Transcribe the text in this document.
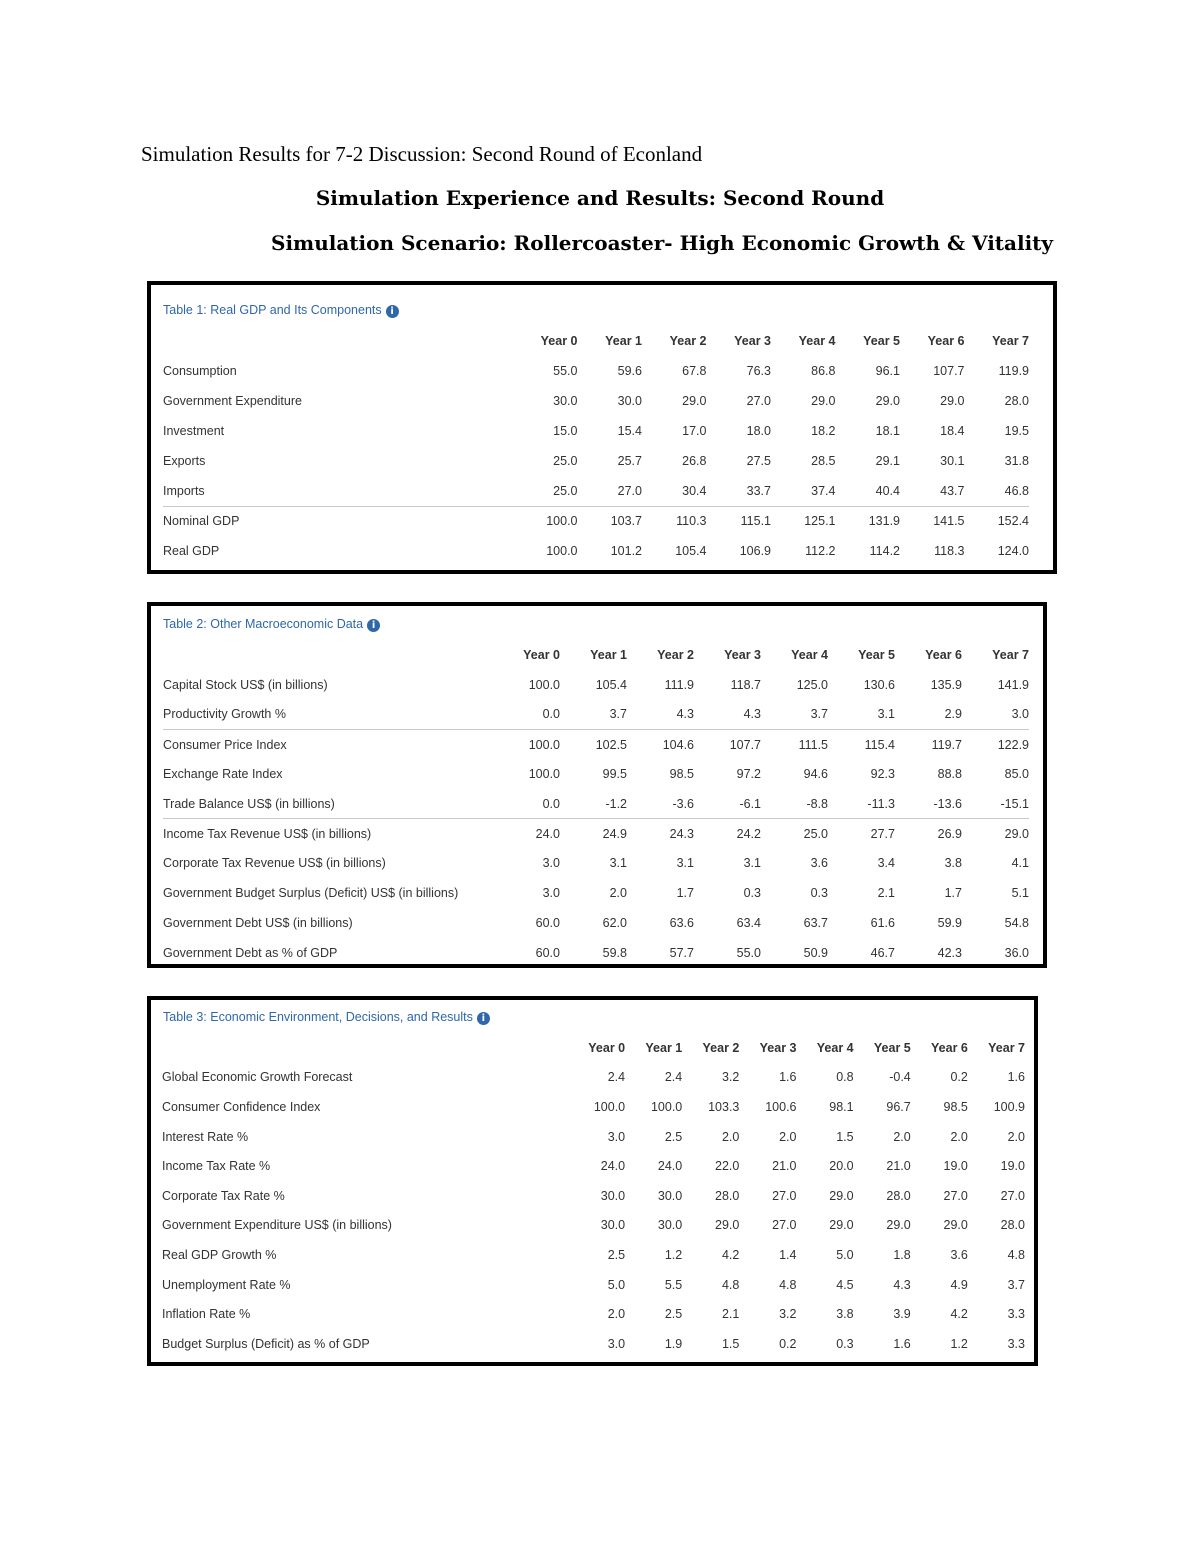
Simulation Results for 7-2 Discussion: Second Round of Econland
Simulation Experience and Results: Second Round
Simulation Scenario: Rollercoaster- High Economic Growth & Vitality
Table 1: Real GDP and Its Components i
	Year 0	Year 1	Year 2	Year 3	Year 4	Year 5	Year 6	Year 7
Consumption	55.0	59.6	67.8	76.3	86.8	96.1	107.7	119.9
Government Expenditure	30.0	30.0	29.0	27.0	29.0	29.0	29.0	28.0
Investment	15.0	15.4	17.0	18.0	18.2	18.1	18.4	19.5
Exports	25.0	25.7	26.8	27.5	28.5	29.1	30.1	31.8
Imports	25.0	27.0	30.4	33.7	37.4	40.4	43.7	46.8
Nominal GDP	100.0	103.7	110.3	115.1	125.1	131.9	141.5	152.4
Real GDP	100.0	101.2	105.4	106.9	112.2	114.2	118.3	124.0
Table 2: Other Macroeconomic Data i
	Year 0	Year 1	Year 2	Year 3	Year 4	Year 5	Year 6	Year 7
Capital Stock US$ (in billions)	100.0	105.4	111.9	118.7	125.0	130.6	135.9	141.9
Productivity Growth %	0.0	3.7	4.3	4.3	3.7	3.1	2.9	3.0
Consumer Price Index	100.0	102.5	104.6	107.7	111.5	115.4	119.7	122.9
Exchange Rate Index	100.0	99.5	98.5	97.2	94.6	92.3	88.8	85.0
Trade Balance US$ (in billions)	0.0	-1.2	-3.6	-6.1	-8.8	-11.3	-13.6	-15.1
Income Tax Revenue US$ (in billions)	24.0	24.9	24.3	24.2	25.0	27.7	26.9	29.0
Corporate Tax Revenue US$ (in billions)	3.0	3.1	3.1	3.1	3.6	3.4	3.8	4.1
Government Budget Surplus (Deficit) US$ (in billions)	3.0	2.0	1.7	0.3	0.3	2.1	1.7	5.1
Government Debt US$ (in billions)	60.0	62.0	63.6	63.4	63.7	61.6	59.9	54.8
Government Debt as % of GDP	60.0	59.8	57.7	55.0	50.9	46.7	42.3	36.0
Table 3: Economic Environment, Decisions, and Results i
	Year 0	Year 1	Year 2	Year 3	Year 4	Year 5	Year 6	Year 7
Global Economic Growth Forecast	2.4	2.4	3.2	1.6	0.8	-0.4	0.2	1.6
Consumer Confidence Index	100.0	100.0	103.3	100.6	98.1	96.7	98.5	100.9
Interest Rate %	3.0	2.5	2.0	2.0	1.5	2.0	2.0	2.0
Income Tax Rate %	24.0	24.0	22.0	21.0	20.0	21.0	19.0	19.0
Corporate Tax Rate %	30.0	30.0	28.0	27.0	29.0	28.0	27.0	27.0
Government Expenditure US$ (in billions)	30.0	30.0	29.0	27.0	29.0	29.0	29.0	28.0
Real GDP Growth %	2.5	1.2	4.2	1.4	5.0	1.8	3.6	4.8
Unemployment Rate %	5.0	5.5	4.8	4.8	4.5	4.3	4.9	3.7
Inflation Rate %	2.0	2.5	2.1	3.2	3.8	3.9	4.2	3.3
Budget Surplus (Deficit) as % of GDP	3.0	1.9	1.5	0.2	0.3	1.6	1.2	3.3
